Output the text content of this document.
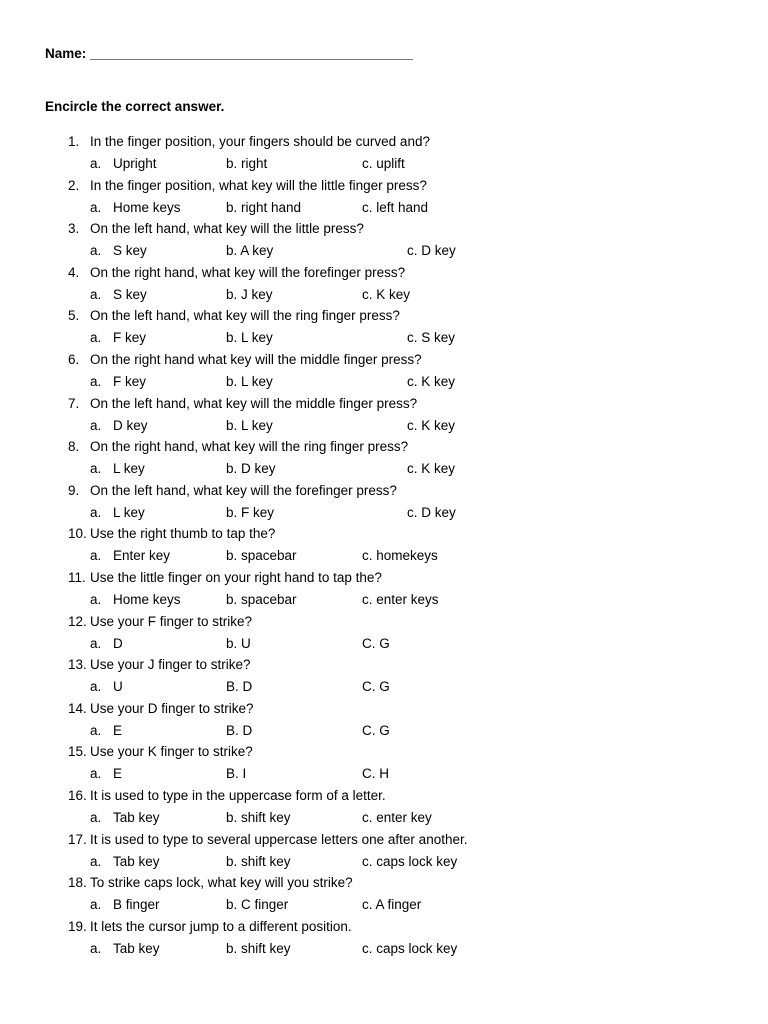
Name: ___________________________________________
Encircle the correct answer.
1. In the finger position, your fingers should be curved and?
a. Upright	b. right	c. uplift
2. In the finger position, what key will the little finger press?
a. Home keys	b. right hand	c. left hand
3. On the left hand, what key will the little press?
a. S key	b. A key	c. D key
4. On the right hand, what key will the forefinger press?
a. S key	b. J key	c. K key
5. On the left hand, what key will the ring finger press?
a. F key	b. L key	c. S key
6. On the right hand what key will the middle finger press?
a. F key	b. L key	c. K key
7. On the left hand, what key will the middle finger press?
a. D key	b. L key	c. K key
8. On the right hand, what key will the ring finger press?
a. L key	b. D key	c. K key
9. On the left hand, what key will the forefinger press?
a. L key	b. F key	c. D key
10. Use the right thumb to tap the?
a. Enter key	b. spacebar	c. homekeys
11. Use the little finger on your right hand to tap the?
a. Home keys	b. spacebar	c. enter keys
12. Use your F finger to strike?
a. D	b. U	C. G
13. Use your J finger to strike?
a. U	B. D	C. G
14. Use your D finger to strike?
a. E	B. D	C. G
15. Use your K finger to strike?
a. E	B. I	C. H
16. It is used to type in the uppercase form of a letter.
a. Tab key	b. shift key	c. enter key
17. It is used to type to several uppercase letters one after another.
a. Tab key	b. shift key	c. caps lock key
18. To strike caps lock, what key will you strike?
a. B finger	b. C finger	c. A finger
19. It lets the cursor jump to a different position.
a. Tab key	b. shift key	c. caps lock key
